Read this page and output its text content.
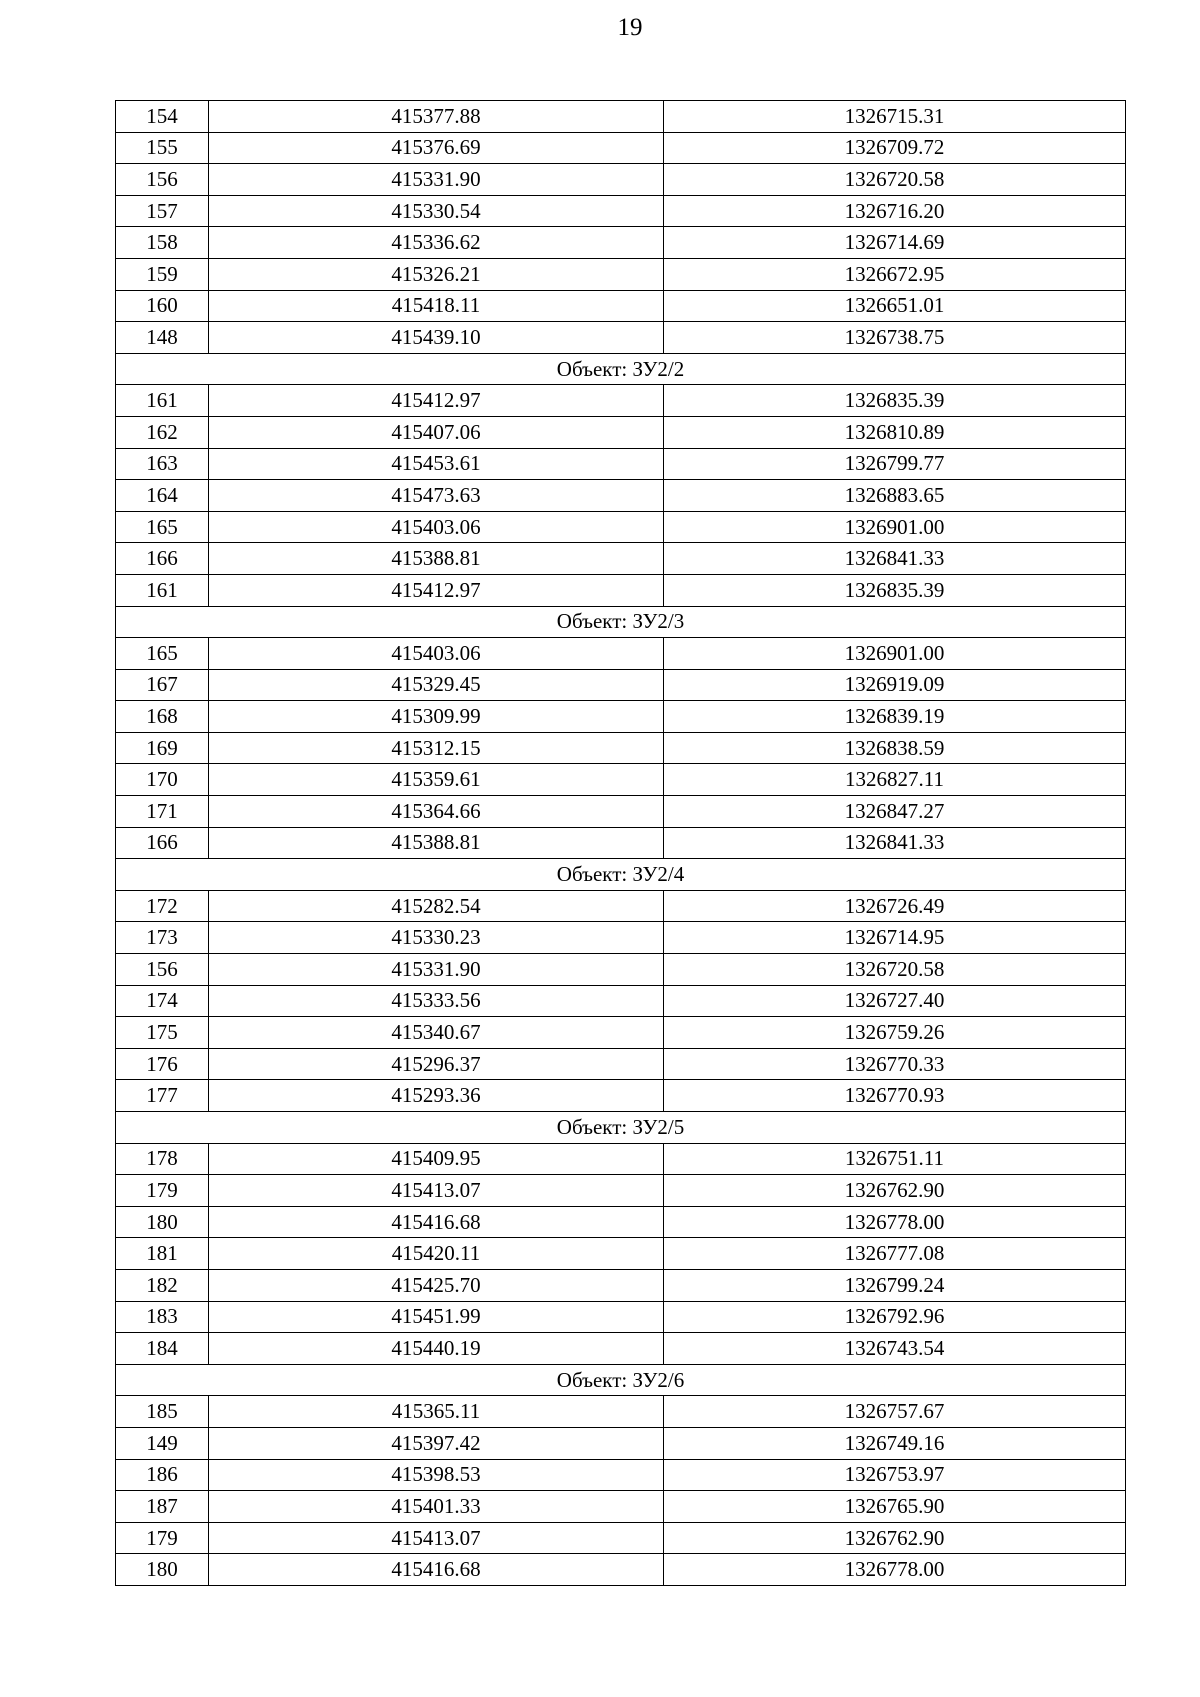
19
154	415377.88	1326715.31
155	415376.69	1326709.72
156	415331.90	1326720.58
157	415330.54	1326716.20
158	415336.62	1326714.69
159	415326.21	1326672.95
160	415418.11	1326651.01
148	415439.10	1326738.75
Объект: ЗУ2/2		
161	415412.97	1326835.39
162	415407.06	1326810.89
163	415453.61	1326799.77
164	415473.63	1326883.65
165	415403.06	1326901.00
166	415388.81	1326841.33
161	415412.97	1326835.39
Объект: ЗУ2/3		
165	415403.06	1326901.00
167	415329.45	1326919.09
168	415309.99	1326839.19
169	415312.15	1326838.59
170	415359.61	1326827.11
171	415364.66	1326847.27
166	415388.81	1326841.33
Объект: ЗУ2/4		
172	415282.54	1326726.49
173	415330.23	1326714.95
156	415331.90	1326720.58
174	415333.56	1326727.40
175	415340.67	1326759.26
176	415296.37	1326770.33
177	415293.36	1326770.93
Объект: ЗУ2/5		
178	415409.95	1326751.11
179	415413.07	1326762.90
180	415416.68	1326778.00
181	415420.11	1326777.08
182	415425.70	1326799.24
183	415451.99	1326792.96
184	415440.19	1326743.54
Объект: ЗУ2/6		
185	415365.11	1326757.67
149	415397.42	1326749.16
186	415398.53	1326753.97
187	415401.33	1326765.90
179	415413.07	1326762.90
180	415416.68	1326778.00
